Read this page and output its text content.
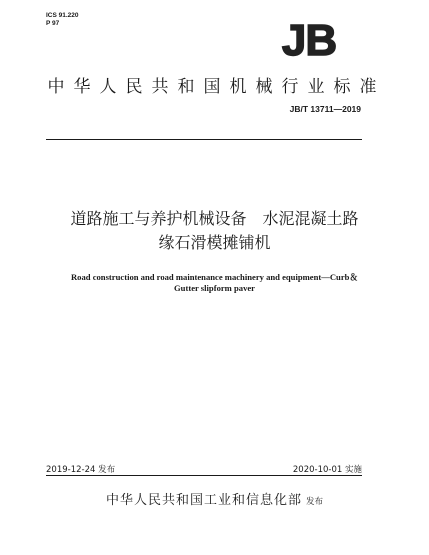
ICS 91.220
P 97	JB
中华人民共和国机械行业标准
JB/T 13711—2019
道路施工与养护机械设备　水泥混凝土路
缘石滑模摊铺机
Road construction and road maintenance machinery and equipment—Curb＆
Gutter slipform paver
2019-12-24 发布	2020-10-01 实施
中华人民共和国工业和信息化部 发布
